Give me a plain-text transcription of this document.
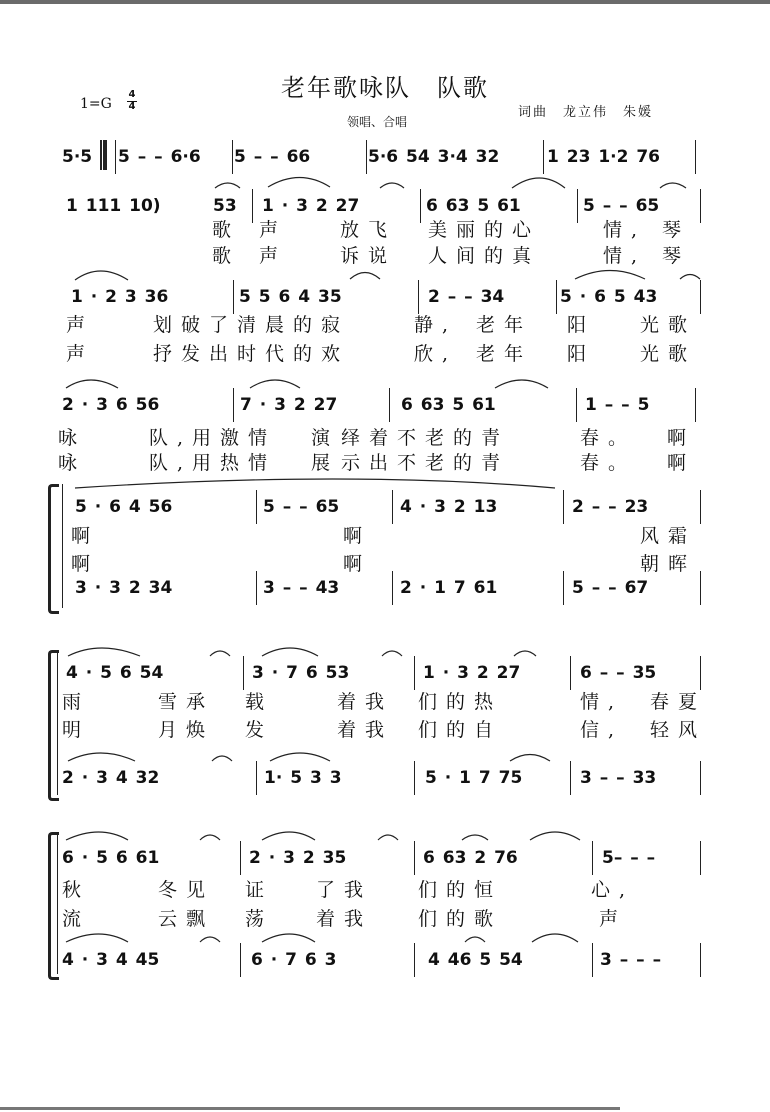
老年歌咏队　队歌
1=G
4
4
领唱、合唱
词曲　龙立伟　朱媛
5·5 5 – – 6·6 5 – – 66	5·6 54 3·4 32	1 23 1·2 76
1 111 10)	53 1 · 3 2 27	6 63 5 61	5 – – 65
歌 声	放飞 美丽的心	情, 琴
歌 声	诉说 人间的真	情, 琴
1 · 2 3 36	5 5 6 4 35	2 – – 34	5 · 6 5 43
声	划破了清晨的寂	静, 老年 阳 光歌
声	抒发出时代的欢	欣, 老年 阳 光歌
2 · 3 6 56	7 · 3 2 27	6 63 5 61	1 – – 5
咏	队,用激 情 演 绎着不老的青	春。 啊
咏	队,用热 情 展 示出不老的青	春。 啊
5 · 6 4 56	5 – – 65	4 · 3 2 13	2 – – 23
啊	啊	风霜
啊	啊	朝晖
3 · 3 2 34	3 – – 43	2 · 1 7 61	5 – – 67
4 · 5 6 54	3 · 7 6 53	1 · 3 2 27	6 – – 35
雨	雪承 载	着我 们的热	情, 春夏
明	月焕 发	着我 们的自	信, 轻风
2 · 3 4 32	1· 5 3 3	5 · 1 7 75	3 – – 33
6 · 5 6 61	2 · 3 2 35	6 63 2 76	5– – –
秋	冬见 证 了我 们的恒	心,
流	云飘 荡 着我 们的歌	声
4 · 3 4 45	6 · 7 6 3	4 46 5 54	3 – – –
